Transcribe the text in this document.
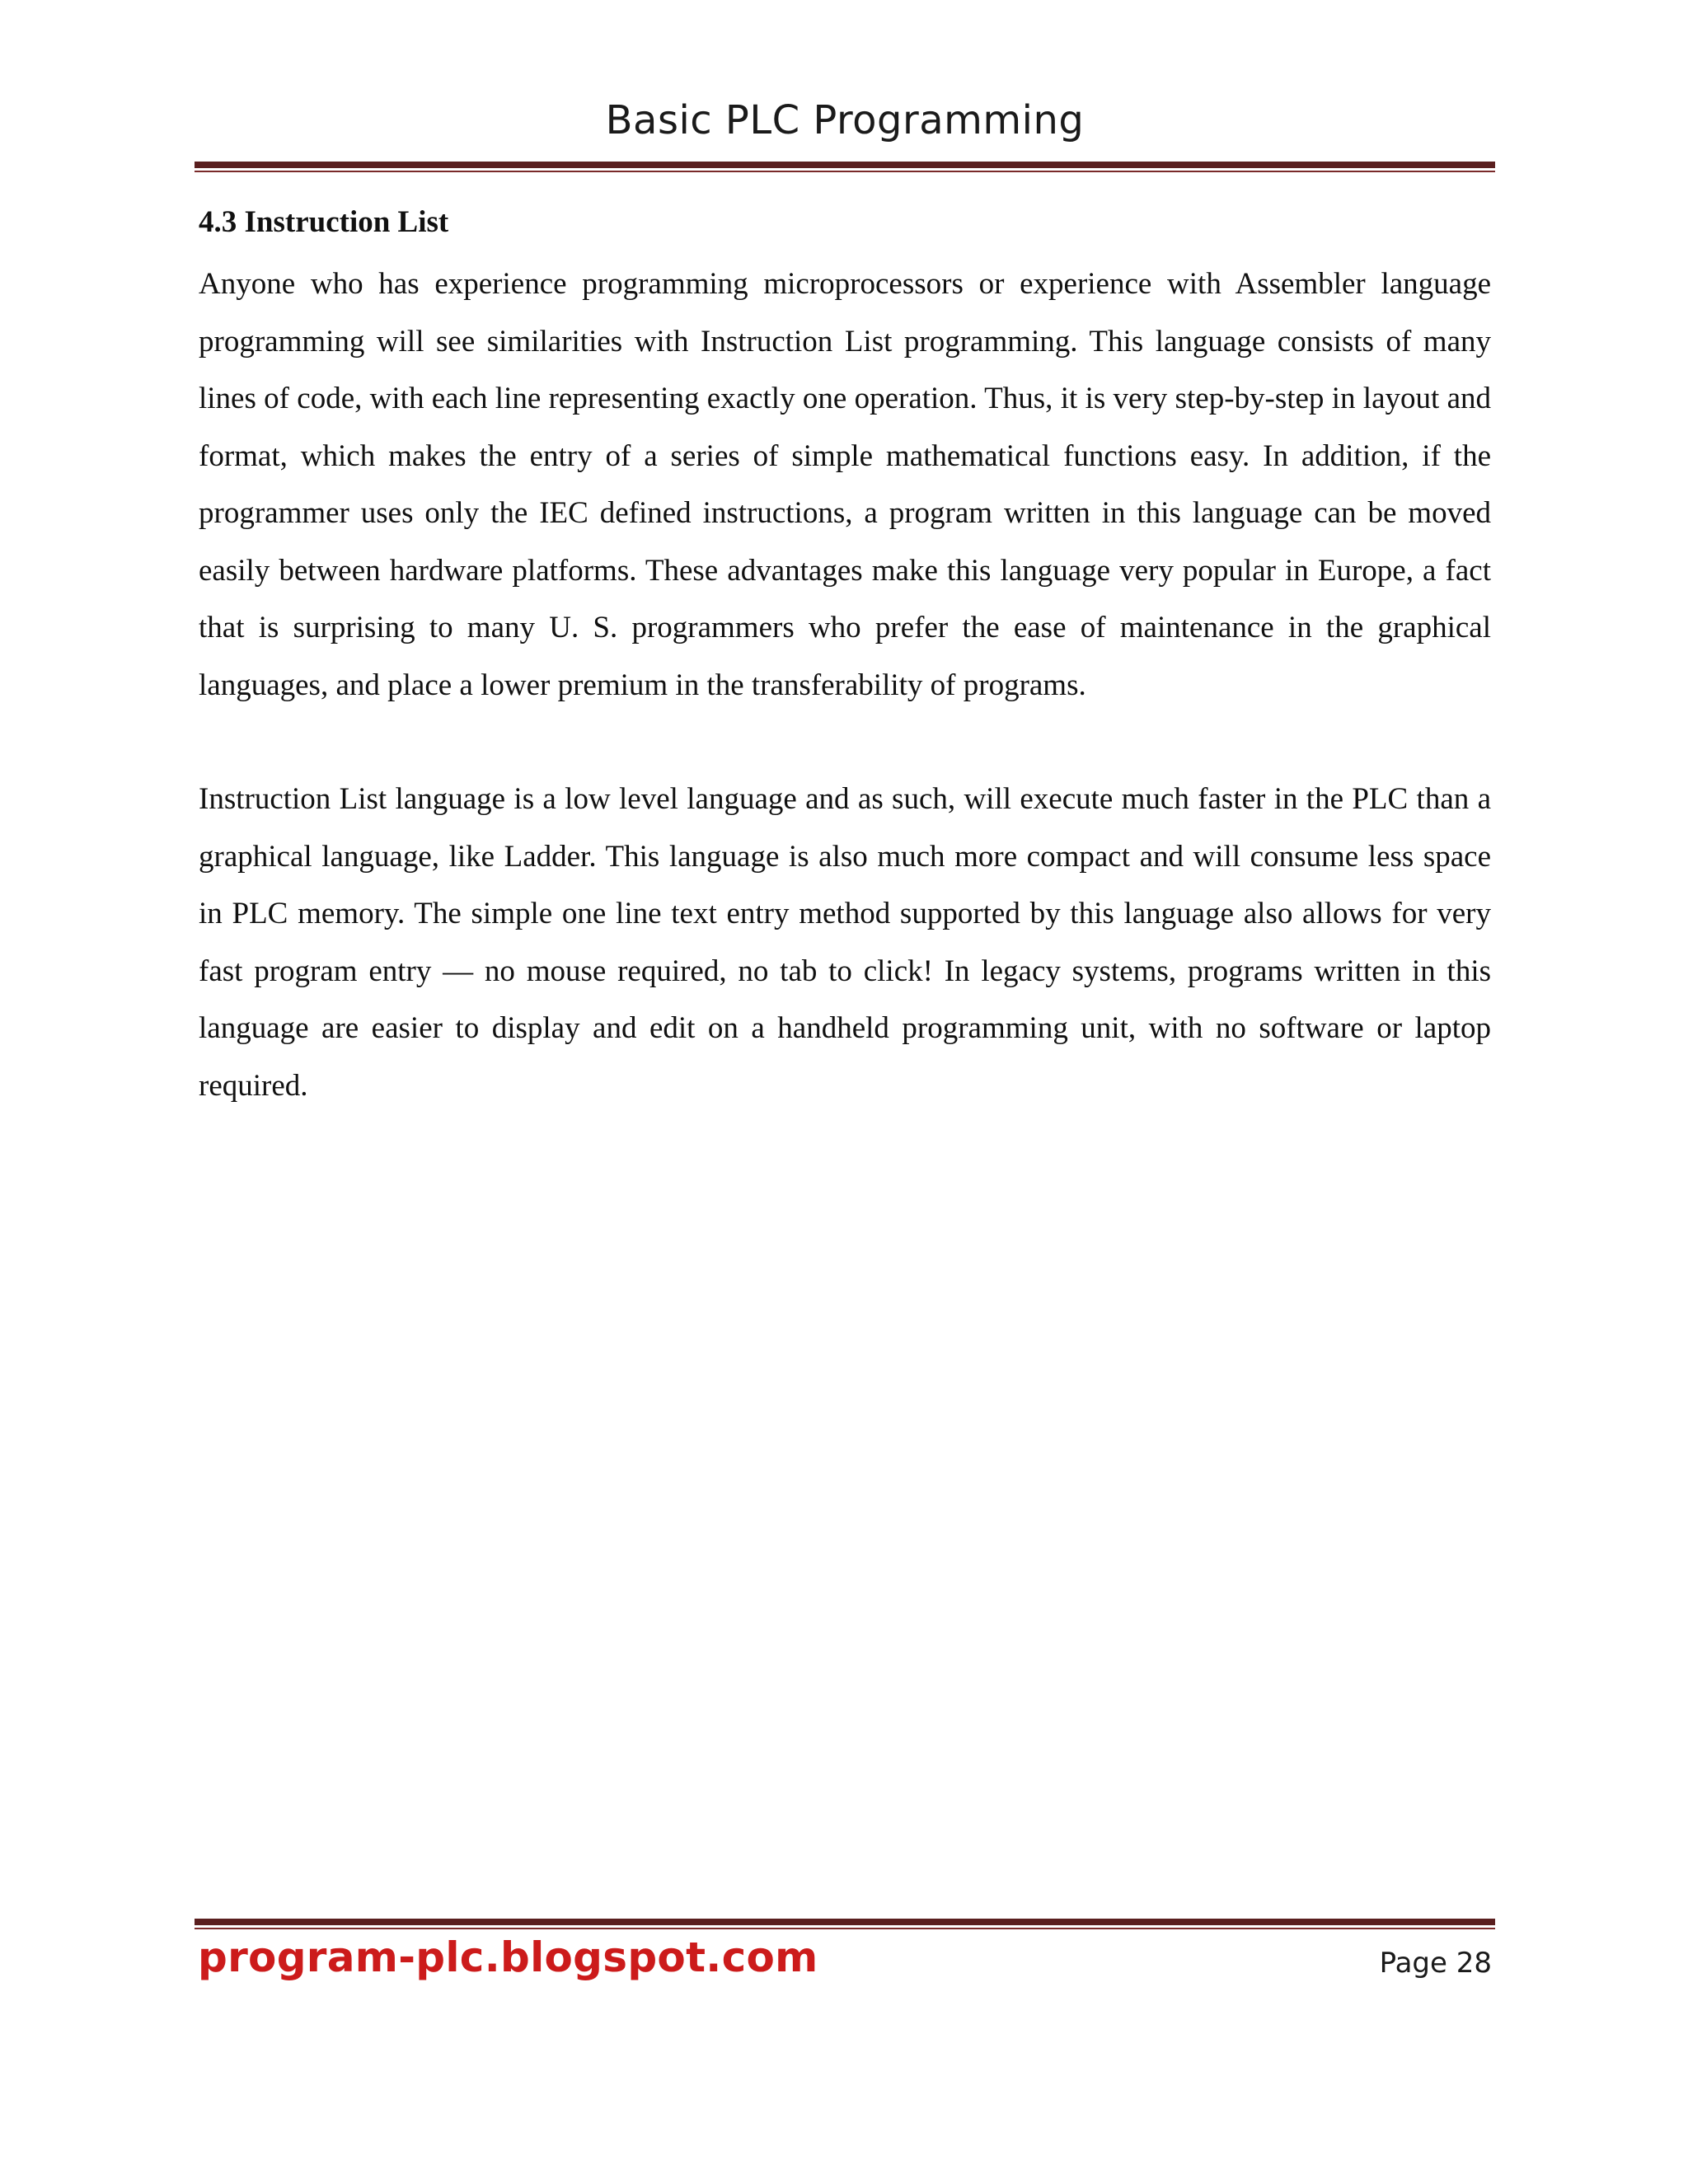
Basic PLC Programming
4.3 Instruction List

Anyone who has experience programming microprocessors or experience with Assembler language programming will see similarities with Instruction List programming. This language consists of many lines of code, with each line representing exactly one operation. Thus, it is very step-by-step in layout and format, which makes the entry of a series of simple mathematical functions easy. In addition, if the programmer uses only the IEC defined instructions, a program written in this language can be moved easily between hardware platforms. These advantages make this language very popular in Europe, a fact that is surprising to many U. S. programmers who prefer the ease of maintenance in the graphical languages, and place a lower premium in the transferability of programs.

Instruction List language is a low level language and as such, will execute much faster in the PLC than a graphical language, like Ladder. This language is also much more compact and will consume less space in PLC memory. The simple one line text entry method supported by this language also allows for very fast program entry — no mouse required, no tab to click! In legacy systems, programs written in this language are easier to display and edit on a handheld programming unit, with no software or laptop required.

program-plc.blogspot.com	Page 28
